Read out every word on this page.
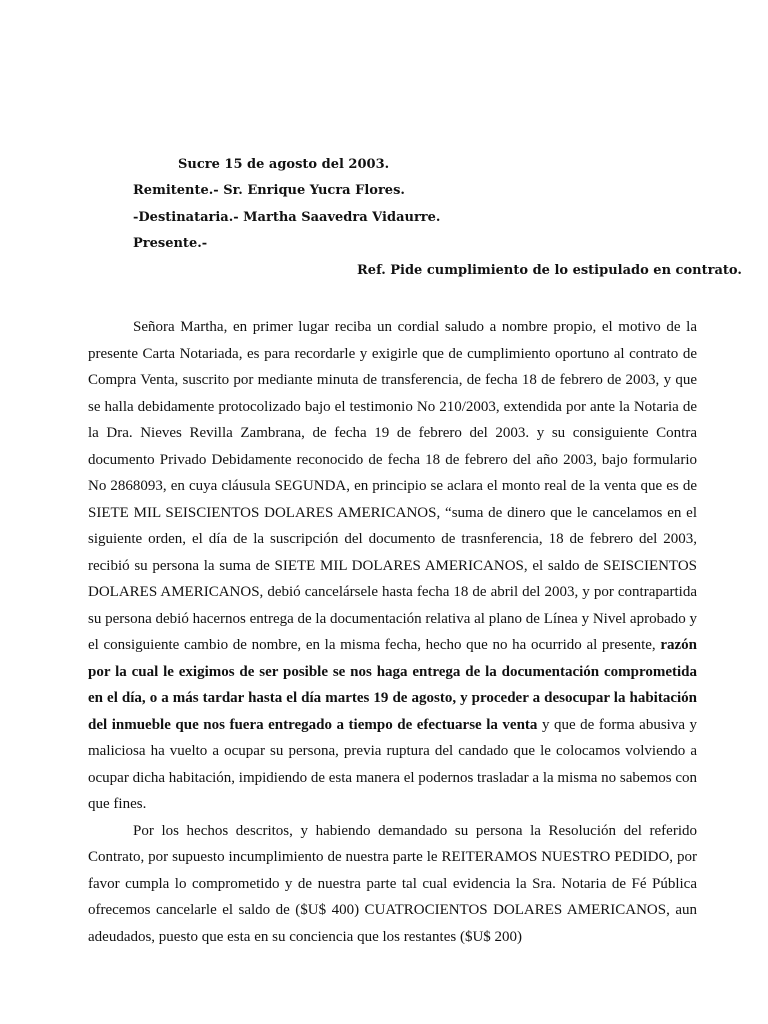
Sucre 15 de agosto del 2003.
Remitente.- Sr. Enrique Yucra Flores.
-Destinataria.- Martha Saavedra Vidaurre.
Presente.-
Ref. Pide cumplimiento de lo estipulado en contrato.

Señora Martha, en primer lugar reciba un cordial saludo a nombre propio, el motivo de la presente Carta Notariada, es para recordarle y exigirle que de cumplimiento oportuno al contrato de Compra Venta, suscrito por mediante minuta de transferencia, de fecha 18 de febrero de 2003, y que se halla debidamente protocolizado bajo el testimonio No 210/2003, extendida por ante la Notaria de la Dra. Nieves Revilla Zambrana, de fecha 19 de febrero del 2003. y su consiguiente Contra documento Privado Debidamente reconocido de fecha 18 de febrero del año 2003, bajo formulario No 2868093, en cuya cláusula SEGUNDA, en principio se aclara el monto real de la venta que es de SIETE MIL SEISCIENTOS DOLARES AMERICANOS, “suma de dinero que le cancelamos en el siguiente orden, el día de la suscripción del documento de trasnferencia, 18 de febrero del 2003, recibió su persona la suma de SIETE MIL DOLARES AMERICANOS, el saldo de SEISCIENTOS DOLARES AMERICANOS, debió cancelársele hasta fecha 18 de abril del 2003, y por contrapartida su persona debió hacernos entrega de la documentación relativa al plano de Línea y Nivel aprobado y el consiguiente cambio de nombre, en la misma fecha, hecho que no ha ocurrido al presente, razón por la cual le exigimos de ser posible se nos haga entrega de la documentación comprometida en el día, o a más tardar hasta el día martes 19 de agosto, y proceder a desocupar la habitación del inmueble que nos fuera entregado a tiempo de efectuarse la venta y que de forma abusiva y maliciosa ha vuelto a ocupar su persona, previa ruptura del candado que le colocamos volviendo a ocupar dicha habitación, impidiendo de esta manera el podernos trasladar a la misma no sabemos con que fines.

Por los hechos descritos, y habiendo demandado su persona la Resolución del referido Contrato, por supuesto incumplimiento de nuestra parte le REITERAMOS NUESTRO PEDIDO, por favor cumpla lo comprometido y de nuestra parte tal cual evidencia la Sra. Notaria de Fé Pública ofrecemos cancelarle el saldo de ($U$ 400) CUATROCIENTOS DOLARES AMERICANOS, aun adeudados, puesto que esta en su conciencia que los restantes ($U$ 200)
